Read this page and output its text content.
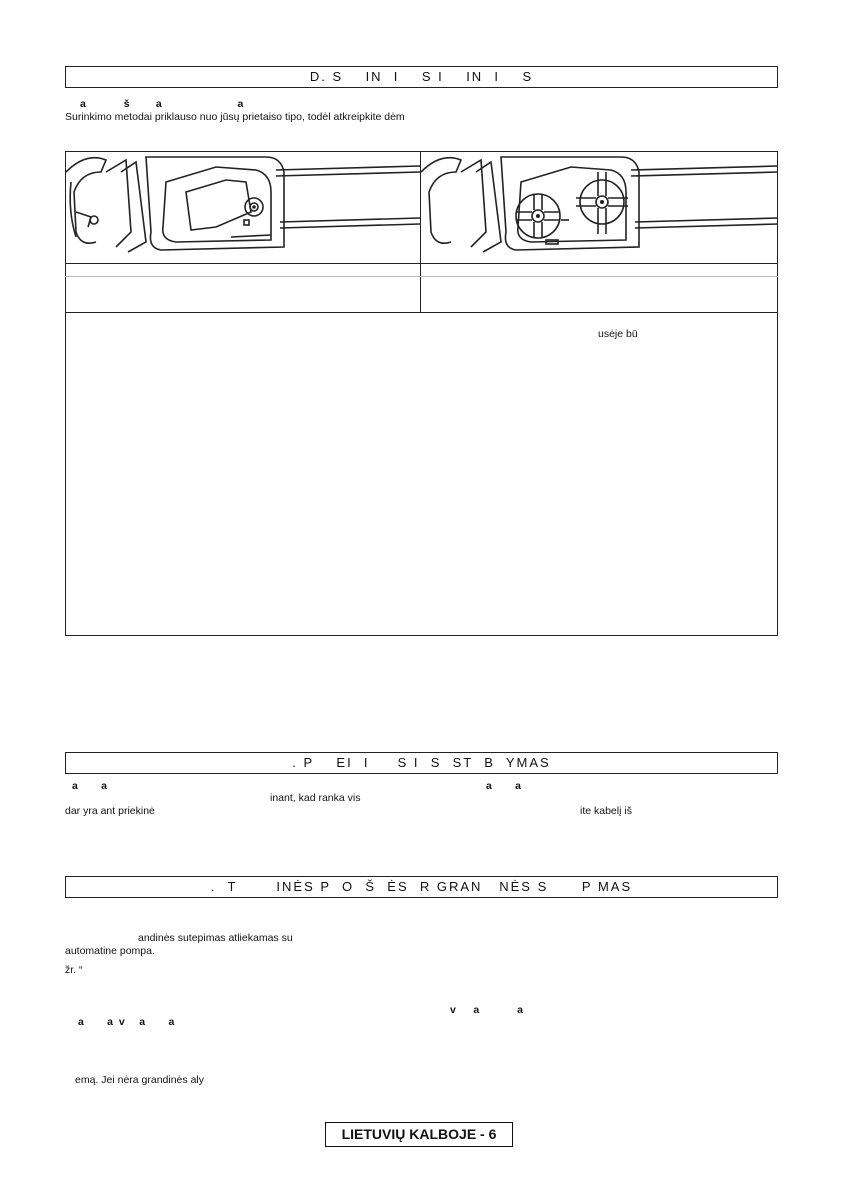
D. S    IN  I    S I    IN  I    S
a             š         a                          a
Surinkimo metodai priklauso nuo jūsų prietaiso tipo, todėl atkreipkite dėm
usėje bū
. P    EI  I     S I  S  ST  B  YMAS
a        a	a        a
inant, kad ranka vis
dar yra ant priekinė	ite kabelį iš
.  T       INĖS P  O  Š  ĖS  R GRAN   NĖS S      P MAS
andinės sutepimas atliekamas su
automatine pompa.
žr. “
v      a             a
a        a  v     a        a
emą. Jei nėra grandinės aly
LIETUVIŲ KALBOJE - 6
